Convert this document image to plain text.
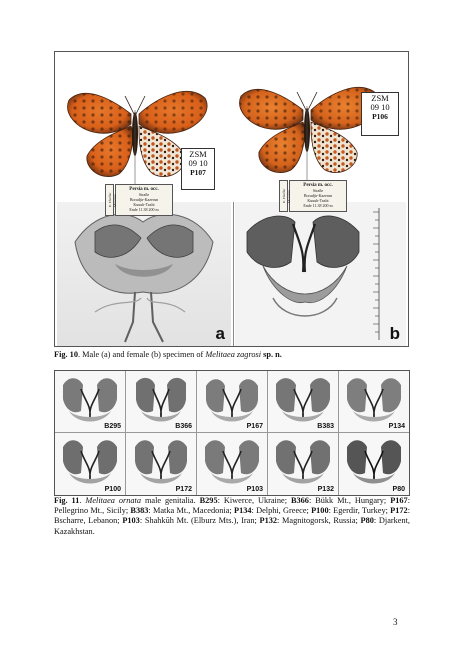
Persia m. occ.
Straße
Borudjir-Kazerun
Kuuuh-Taxht
Ende 11.38 200 m
E. Pfeiffer Munchen
ZSM
09 10
P107
a
Persia m. occ.
Straße
Borudjir-Kazerun
Kuuuh-Taxht
Ende 11.38 200 m
E. Pfeiffer Munchen
ZSM
09 10
P106
b
Fig. 10. Male (a) and female (b) specimen of Melitaea zagrosi sp. n.
B295	B366	P167	B383	P134
P100	P172	P103	P132	P80
Fig. 11. Melitaea ornata male genitalia. B295: Kiwerce, Ukraine; B366: Bükk Mt., Hungary; P167: Pellegrino Mt., Sicily; B383: Matka Mt., Macedonia; P134: Delphi, Greece; P100: Egerdir, Turkey; P172: Bscharre, Lebanon; P103: Shahkūh Mt. (Elburz Mts.), Iran; P132: Magnitogorsk, Russia; P80: Djarkent, Kazakhstan.
3
